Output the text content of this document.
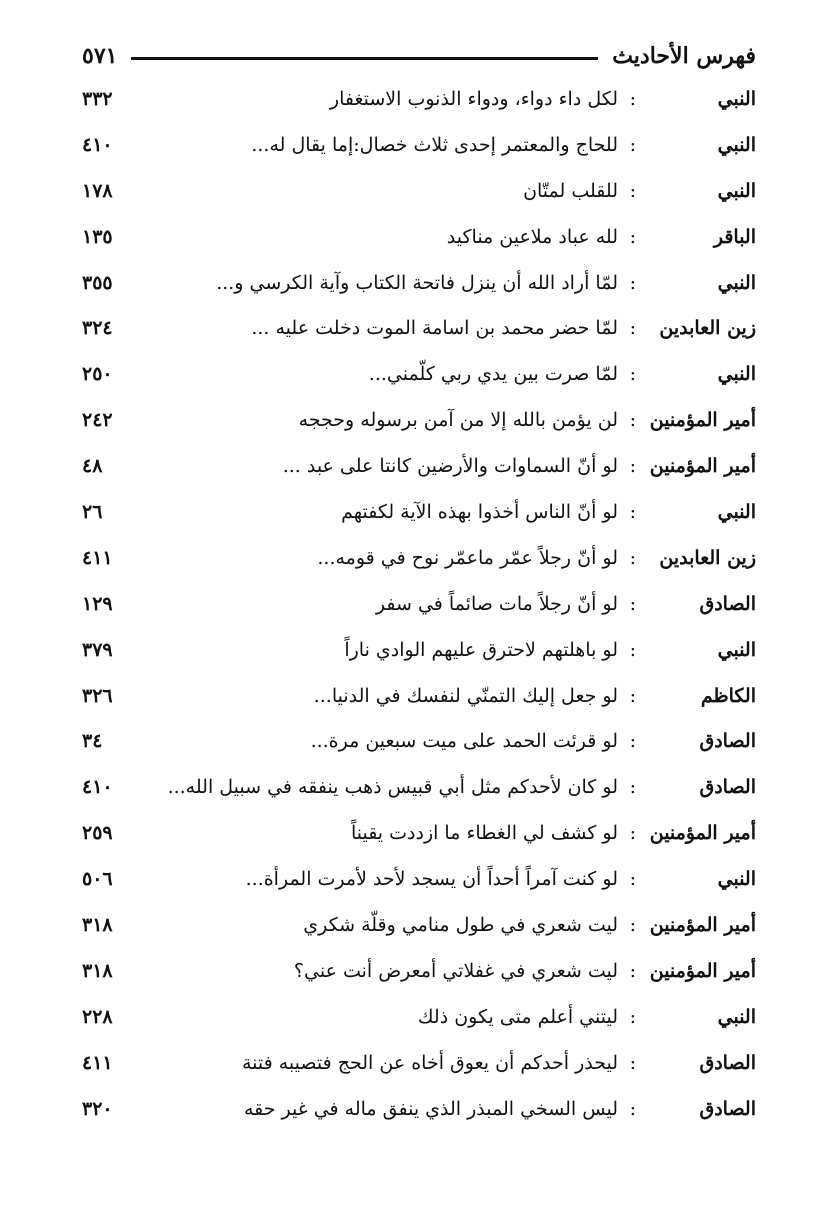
فهرس الأحاديث
٥٧١
النبي
:
لكل داء دواء، ودواء الذنوب الاستغفار
٣٣٢
النبي
:
للحاج والمعتمر إحدى ثلاث خصال:إما يقال له...
٤١٠
النبي
:
للقلب لمتّان
١٧٨
الباقر
:
لله عباد ملاعين مناكيد
١٣٥
النبي
:
لمّا أراد الله أن ينزل فاتحة الكتاب وآية الكرسي و...
٣٥٥
زين العابدين
:
لمّا حضر محمد بن اسامة الموت دخلت عليه ...
٣٢٤
النبي
:
لمّا صرت بين يدي ربي كلّمني...
٢٥٠
أمير المؤمنين
:
لن يؤمن بالله إلا من آمن برسوله وحججه
٢٤٢
أمير المؤمنين
:
لو أنّ السماوات والأرضين كانتا على عبد ...
٤٨
النبي
:
لو أنّ الناس أخذوا بهذه الآية لكفتهم
٢٦
زين العابدين
:
لو أنّ رجلاً عمّر ماعمّر نوح في قومه...
٤١١
الصادق
:
لو أنّ رجلاً مات صائماً في سفر
١٢٩
النبي
:
لو باهلتهم لاحترق عليهم الوادي ناراً
٣٧٩
الكاظم
:
لو جعل إليك التمنّي لنفسك في الدنيا...
٣٢٦
الصادق
:
لو قرئت الحمد على ميت سبعين مرة...
٣٤
الصادق
:
لو كان لأحدكم مثل أبي قبيس ذهب ينفقه في سبيل الله...
٤١٠
أمير المؤمنين
:
لو كشف لي الغطاء ما ازددت يقيناً
٢٥٩
النبي
:
لو كنت آمراً أحداً أن يسجد لأحد لأمرت المرأة...
٥٠٦
أمير المؤمنين
:
ليت شعري في طول منامي وقلّة شكري
٣١٨
أمير المؤمنين
:
ليت شعري في غفلاتي أمعرض أنت عني؟
٣١٨
النبي
:
ليتني أعلم متى يكون ذلك
٢٢٨
الصادق
:
ليحذر أحدكم أن يعوق أخاه عن الحج فتصيبه فتنة
٤١١
الصادق
:
ليس السخي المبذر الذي ينفق ماله في غير حقه
٣٢٠
